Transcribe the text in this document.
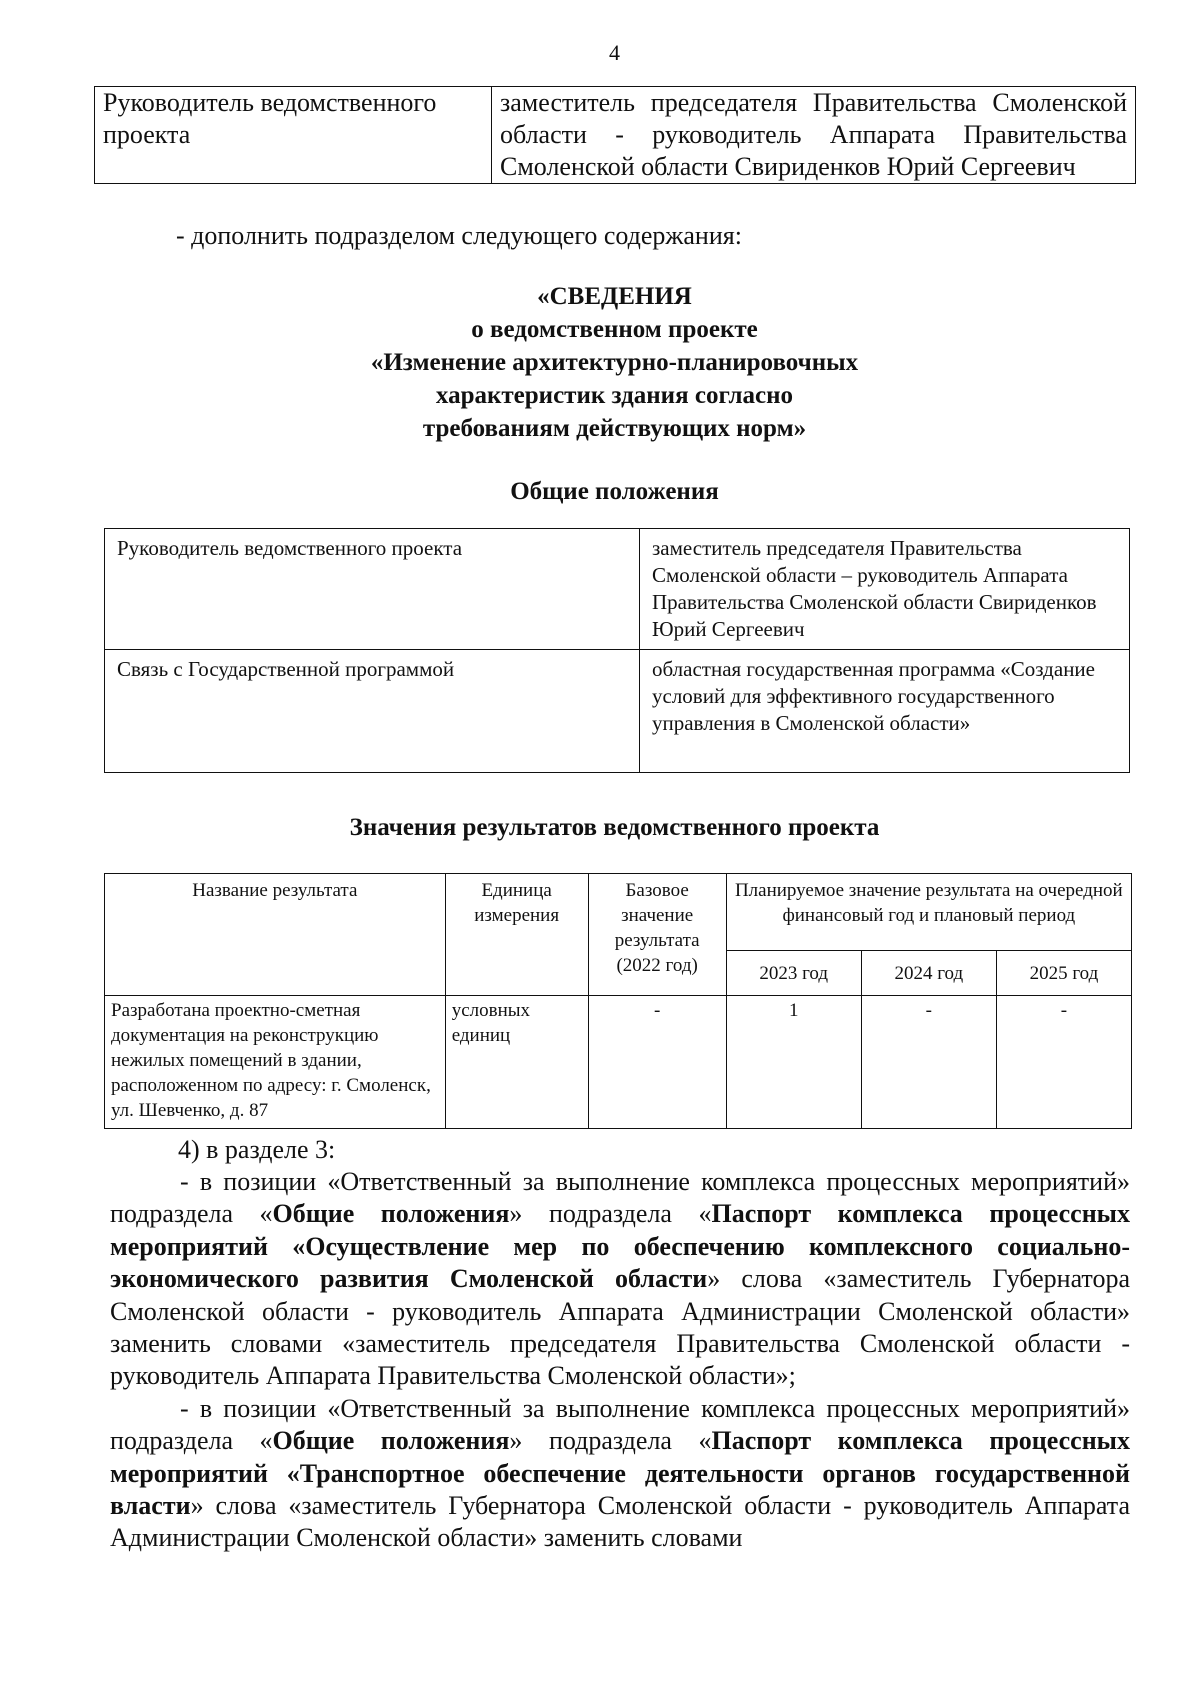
4
Руководитель ведомственного проекта	заместитель председателя Правительства Смоленской области - руководитель Аппарата Правительства Смоленской области Свириденков Юрий Сергеевич
- дополнить подразделом следующего содержания:
«СВЕДЕНИЯ
о ведомственном проекте
«Изменение архитектурно-планировочных
характеристик здания согласно
требованиям действующих норм»
Общие положения
Руководитель ведомственного проекта	заместитель председателя Правительства Смоленской области – руководитель Аппарата Правительства Смоленской области Свириденков Юрий Сергеевич
Связь с Государственной программой	областная государственная программа «Создание условий для эффективного государственного управления в Смоленской области»
Значения результатов ведомственного проекта
Название результата	Единица измерения	Базовое значение результата (2022 год)	Планируемое значение результата на очередной финансовый год и плановый период		
			2023 год	2024 год	2025 год
Разработана проектно-сметная документация на реконструкцию нежилых помещений в здании, расположенном по адресу: г. Смоленск, ул. Шевченко, д. 87	условных единиц	-	1	-	-
4) в разделе 3:

- в позиции «Ответственный за выполнение комплекса процессных мероприятий» подраздела «Общие положения» подраздела «Паспорт комплекса процессных мероприятий «Осуществление мер по обеспечению комплексного социально-экономического развития Смоленской области» слова «заместитель Губернатора Смоленской области - руководитель Аппарата Администрации Смоленской области» заменить словами «заместитель председателя Правительства Смоленской области - руководитель Аппарата Правительства Смоленской области»;

- в позиции «Ответственный за выполнение комплекса процессных мероприятий» подраздела «Общие положения» подраздела «Паспорт комплекса процессных мероприятий «Транспортное обеспечение деятельности органов государственной власти» слова «заместитель Губернатора Смоленской области - руководитель Аппарата Администрации Смоленской области» заменить словами
